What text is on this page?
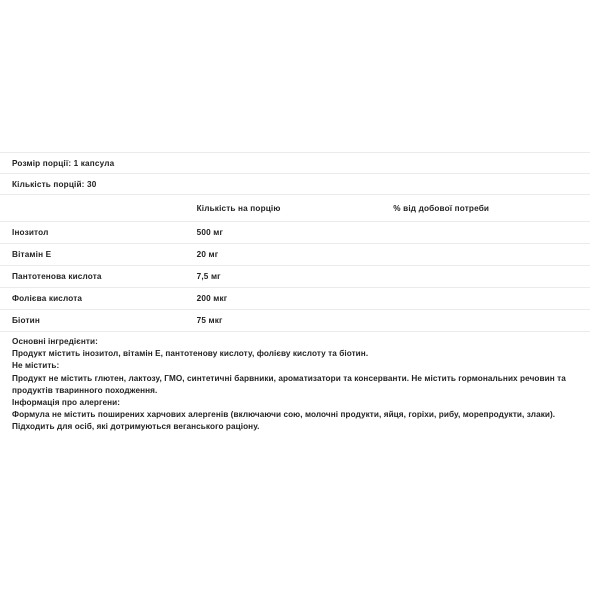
Розмір порції: 1 капсула		
Кількість порцій: 30		
	Кількість на порцію	% від добової потреби
Інозитол	500 мг	
Вітамін Е	20 мг	
Пантотенова кислота	7,5 мг	
Фолієва кислота	200 мкг	
Біотин	75 мкг	

Основні інгредієнти:

Продукт містить інозитол, вітамін Е, пантотенову кислоту, фолієву кислоту та біотин.

Не містить:

Продукт не містить глютен, лактозу, ГМО, синтетичні барвники, ароматизатори та консерванти. Не містить гормональних речовин та продуктів тваринного походження.

Інформація про алергени:

Формула не містить поширених харчових алергенів (включаючи сою, молочні продукти, яйця, горіхи, рибу, морепродукти, злаки). Підходить для осіб, які дотримуються веганського раціону.
